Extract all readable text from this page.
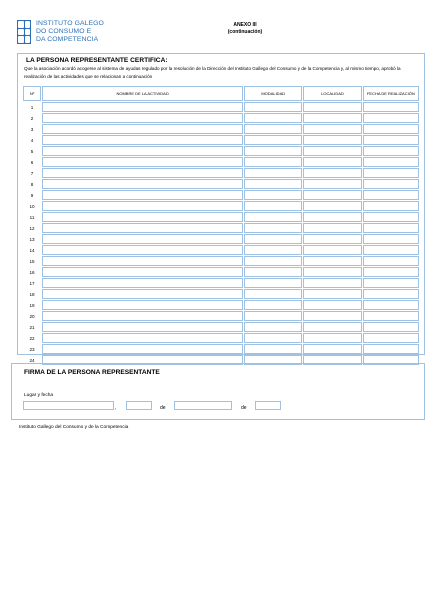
INSTITUTO GALEGO
DO CONSUMO E
DA COMPETENCIA
ANEXO III
(continuación)
LA PERSONA REPRESENTANTE CERTIFICA:
Que la asociación acordó acogerse al sistema de ayudas regulado por la resolución de la Dirección del Instituto Gallego del Consumo y de la Competencia y, al mismo tiempo, aprobó la realización de las actividades que se relacionan a continuación
Nº	NOMBRE DE LA ACTIVIDAD	MODALIDAD	LOCALIDAD	FECHA DE REALIZACIÓN
1				
2				
3				
4				
5				
6				
7				
8				
9				
10				
11				
12				
13				
14				
15				
16				
17				
18				
19				
20				
21				
22				
23				
24				
FIRMA DE LA PERSONA REPRESENTANTE
Lugar y fecha
,	de	de
Instituto Gallego del Consumo y de la Competencia
